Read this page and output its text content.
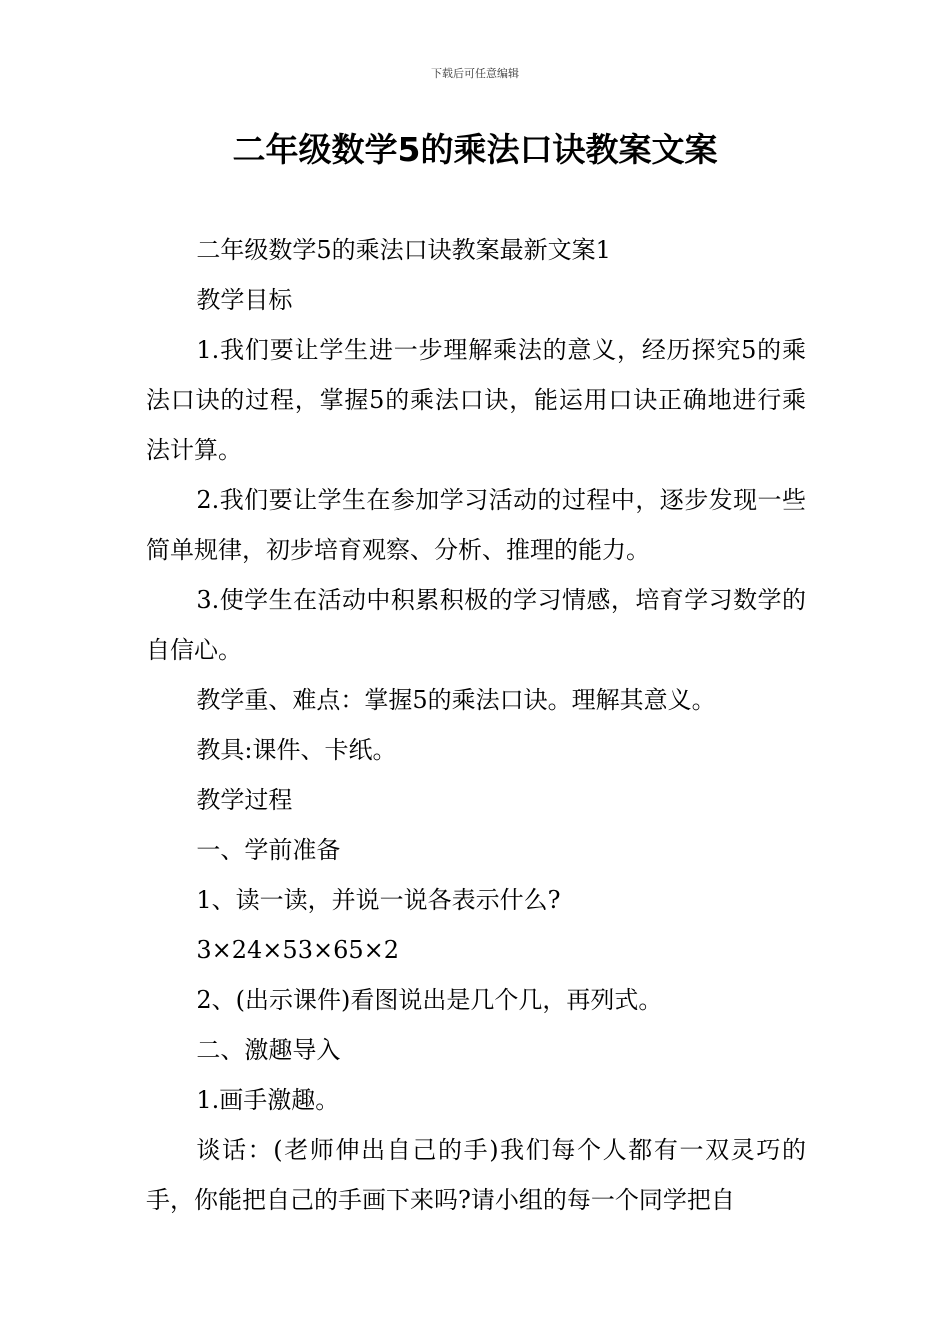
下载后可任意编辑
二年级数学5的乘法口诀教案文案

二年级数学5的乘法口诀教案最新文案1

教学目标

1.我们要让学生进一步理解乘法的意义，经历探究5的乘法口诀的过程，掌握5的乘法口诀，能运用口诀正确地进行乘法计算。

2.我们要让学生在参加学习活动的过程中，逐步发现一些简单规律，初步培育观察、分析、推理的能力。

3.使学生在活动中积累积极的学习情感，培育学习数学的自信心。

教学重、难点：掌握5的乘法口诀。理解其意义。

教具:课件、卡纸。

教学过程

一、学前准备

1、读一读，并说一说各表示什么?

3×24×53×65×2

2、(出示课件)看图说出是几个几，再列式。

二、激趣导入

1.画手激趣。

谈话：(老师伸出自己的手)我们每个人都有一双灵巧的手，你能把自己的手画下来吗?请小组的每一个同学把自
